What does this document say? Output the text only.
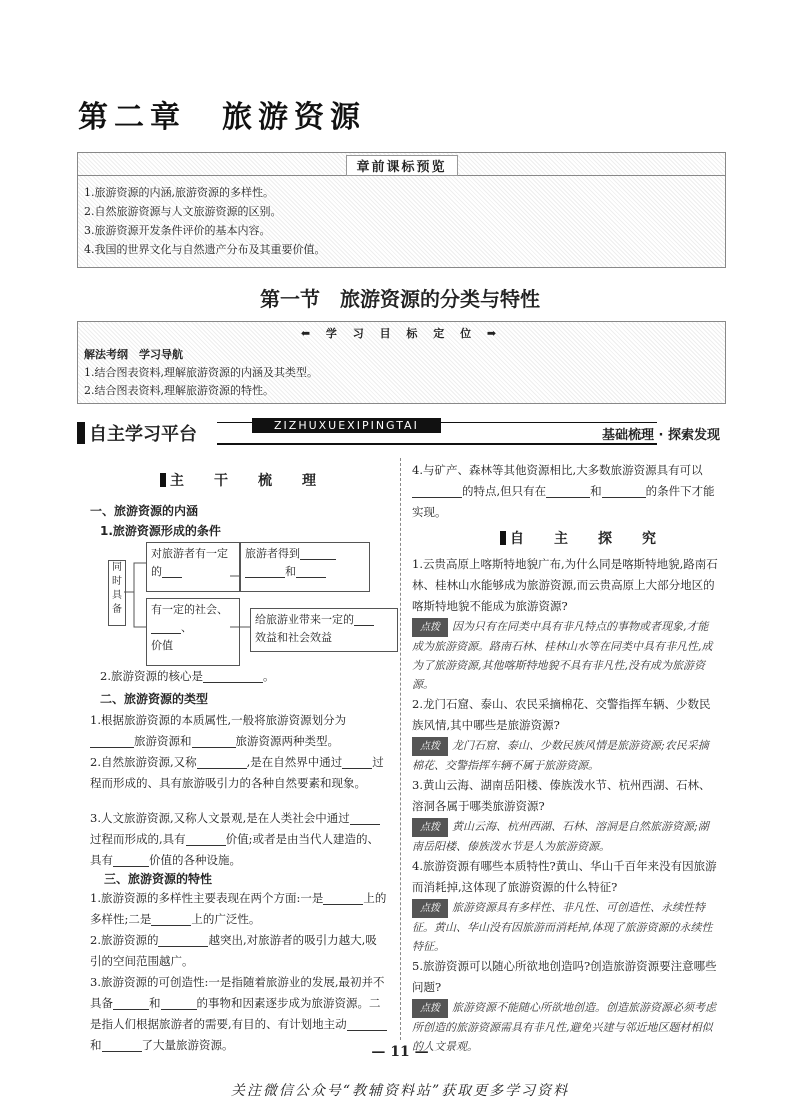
第二章　旅游资源
章前课标预览
1.旅游资源的内涵,旅游资源的多样性。
2.自然旅游资源与人文旅游资源的区别。
3.旅游资源开发条件评价的基本内容。
4.我国的世界文化与自然遗产分布及其重要价值。
第一节　旅游资源的分类与特性
⬅ 学 习 目 标 定 位 ➡
解法考纲　学习导航
1.结合图表资料,理解旅游资源的内涵及其类型。
2.结合图表资料,理解旅游资源的特性。
自主学习平台	ZIZHUXUEXIPINGTAI
基础梳理 · 探索发现
主　干　梳　理
一、旅游资源的内涵
1.旅游资源形成的条件
同时具备
对旅游者有一定的
旅游者得到
和
有一定的社会、
、
价值
给旅游业带来一定的
效益和社会效益
2.旅游资源的核心是	。
二、旅游资源的类型
1.根据旅游资源的本质属性,一般将旅游资源划分为旅游资源和	旅游资源两种类型。
2.自然旅游资源,又称	,是在自然界中通过	过程而形成的、具有旅游吸引力的各种自然要素和现象。
3.人文旅游资源,又称人文景观,是在人类社会中通过过程而形成的,具有	价值;或者是由当代人建造的、具有	价值的各种设施。
三、旅游资源的特性
1.旅游资源的多样性主要表现在两个方面:一是	上的多样性;二是	上的广泛性。
2.旅游资源的	越突出,对旅游者的吸引力越大,吸引的空间范围越广。
3.旅游资源的可创造性:一是指随着旅游业的发展,最初并不具备	和	的事物和因素逐步成为旅游资源。二是指人们根据旅游者的需要,有目的、有计划地主动和	了大量旅游资源。
4.与矿产、森林等其他资源相比,大多数旅游资源具有可以的特点,但只有在	和	的条件下才能实现。
自　主　探　究
1.云贵高原上喀斯特地貌广布,为什么同是喀斯特地貌,路南石林、桂林山水能够成为旅游资源,而云贵高原上大部分地区的喀斯特地貌不能成为旅游资源?
点拨 因为只有在同类中具有非凡特点的事物或者现象,才能成为旅游资源。路南石林、桂林山水等在同类中具有非凡性,成为了旅游资源,其他喀斯特地貌不具有非凡性,没有成为旅游资源。
2.龙门石窟、泰山、农民采摘棉花、交警指挥车辆、少数民族风情,其中哪些是旅游资源?
点拨 龙门石窟、泰山、少数民族风情是旅游资源;农民采摘棉花、交警指挥车辆不属于旅游资源。
3.黄山云海、湖南岳阳楼、傣族泼水节、杭州西湖、石林、溶洞各属于哪类旅游资源?
点拨 黄山云海、杭州西湖、石林、溶洞是自然旅游资源;湖南岳阳楼、傣族泼水节是人为旅游资源。
4.旅游资源有哪些本质特性?黄山、华山千百年来没有因旅游而消耗掉,这体现了旅游资源的什么特征?
点拨 旅游资源具有多样性、非凡性、可创造性、永续性特征。黄山、华山没有因旅游而消耗掉,体现了旅游资源的永续性特征。
5.旅游资源可以随心所欲地创造吗?创造旅游资源要注意哪些问题?
点拨 旅游资源不能随心所欲地创造。创造旅游资源必须考虑所创造的旅游资源需具有非凡性,避免兴建与邻近地区题材相似的人文景观。
— 11 —
关注微信公众号“教辅资料站”获取更多学习资料
